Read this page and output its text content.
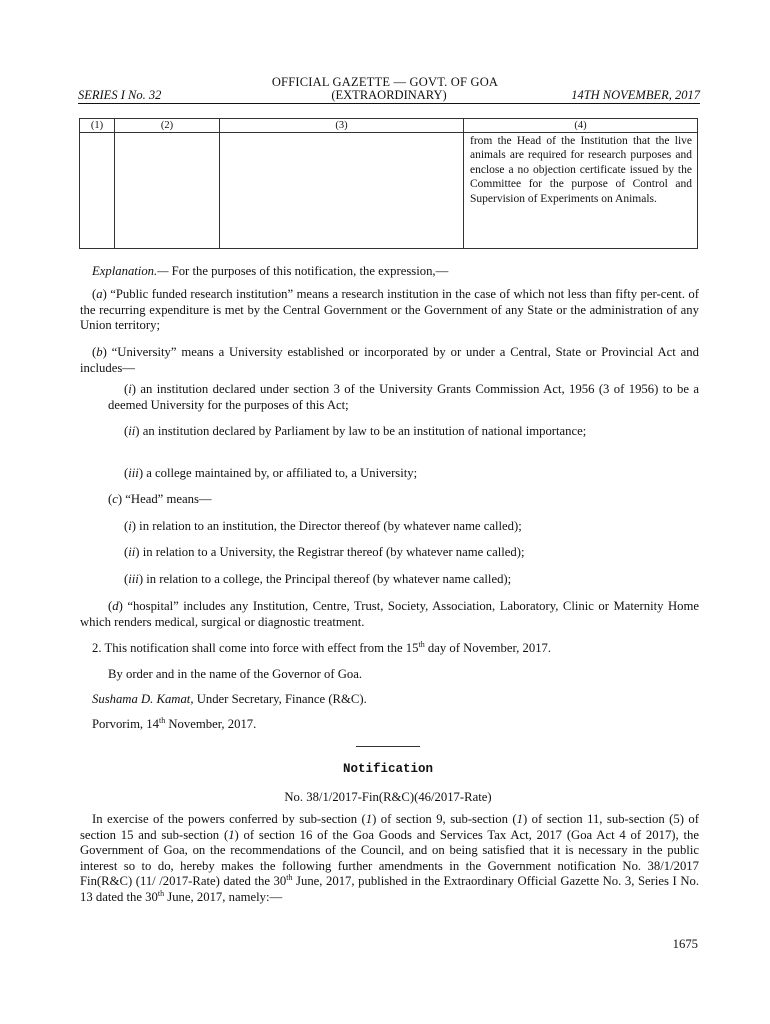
OFFICIAL GAZETTE — GOVT. OF GOA
SERIES I No. 32	(EXTRAORDINARY)	14TH NOVEMBER, 2017
(1)	(2)	(3)	(4)
			from the Head of the Institution that the live animals are required for research purposes and enclose a no objection certificate issued by the Committee for the purpose of Control and Supervision of Experiments on Animals.
Explanation.— For the purposes of this notification, the expression,—
(a) “Public funded research institution” means a research institution in the case of which not less than fifty per-cent. of the recurring expenditure is met by the Central Government or the Government of any State or the administration of any Union territory;
(b) “University” means a University established or incorporated by or under a Central, State or Provincial Act and includes—
(i) an institution declared under section 3 of the University Grants Commission Act, 1956 (3 of 1956) to be a deemed University for the purposes of this Act;
(ii) an institution declared by Parliament by law to be an institution of national importance;
(iii) a college maintained by, or affiliated to, a University;
(c) “Head” means—
(i) in relation to an institution, the Director thereof (by whatever name called);
(ii) in relation to a University, the Registrar thereof (by whatever name called);
(iii) in relation to a college, the Principal thereof (by whatever name called);
(d) “hospital” includes any Institution, Centre, Trust, Society, Association, Laboratory, Clinic or Maternity Home which renders medical, surgical or diagnostic treatment.
2. This notification shall come into force with effect from the 15th day of November, 2017.
By order and in the name of the Governor of Goa.
Sushama D. Kamat, Under Secretary, Finance (R&C).
Porvorim, 14th November, 2017.
Notification
No. 38/1/2017-Fin(R&C)(46/2017-Rate)
In exercise of the powers conferred by sub-section (1) of section 9, sub-section (1) of section 11, sub-section (5) of section 15 and sub-section (1) of section 16 of the Goa Goods and Services Tax Act, 2017 (Goa Act 4 of 2017), the Government of Goa, on the recommendations of the Council, and on being satisfied that it is necessary in the public interest so to do, hereby makes the following further amendments in the Government notification No. 38/1/2017 Fin(R&C) (11/ /2017-Rate) dated the 30th June, 2017, published in the Extraordinary Official Gazette No. 3, Series I No. 13 dated the 30th June, 2017, namely:—
1675
